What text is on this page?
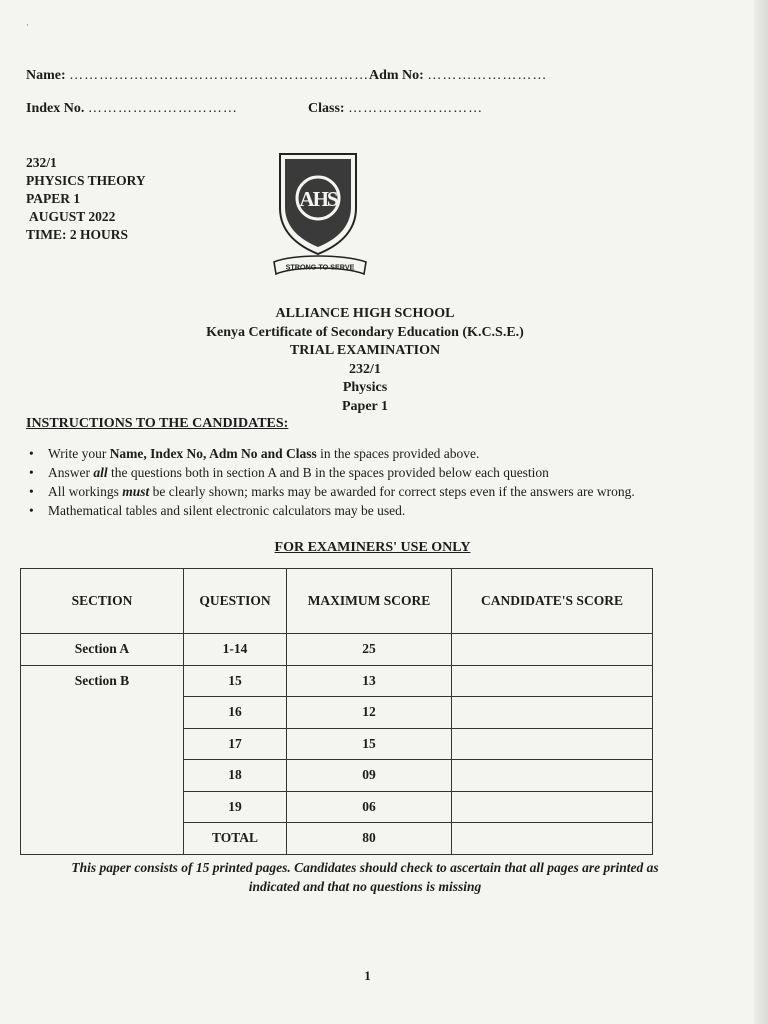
·
Name: …………………………………………………… Adm No: ……………………
Index No. …………………………	Class: ………………………
232/1
PHYSICS THEORY
PAPER 1
AUGUST 2022
TIME: 2 HOURS
AHS
STRONG TO SERVE
ALLIANCE HIGH SCHOOL
Kenya Certificate of Secondary Education (K.C.S.E.)
TRIAL EXAMINATION
232/1
Physics
Paper 1
INSTRUCTIONS TO THE CANDIDATES:
• Write your Name, Index No, Adm No and Class in the spaces provided above.
• Answer all the questions both in section A and B in the spaces provided below each question
• All workings must be clearly shown; marks may be awarded for correct steps even if the answers are wrong.
• Mathematical tables and silent electronic calculators may be used.
FOR EXAMINERS' USE ONLY
SECTION	QUESTION	MAXIMUM SCORE	CANDIDATE'S SCORE
Section A	1-14	25	
Section B	15	13	
	16	12	
	17	15	
	18	09	
	19	06	
	TOTAL	80	
This paper consists of 15 printed pages. Candidates should check to ascertain that all pages are printed as
indicated and that no questions is missing
1
